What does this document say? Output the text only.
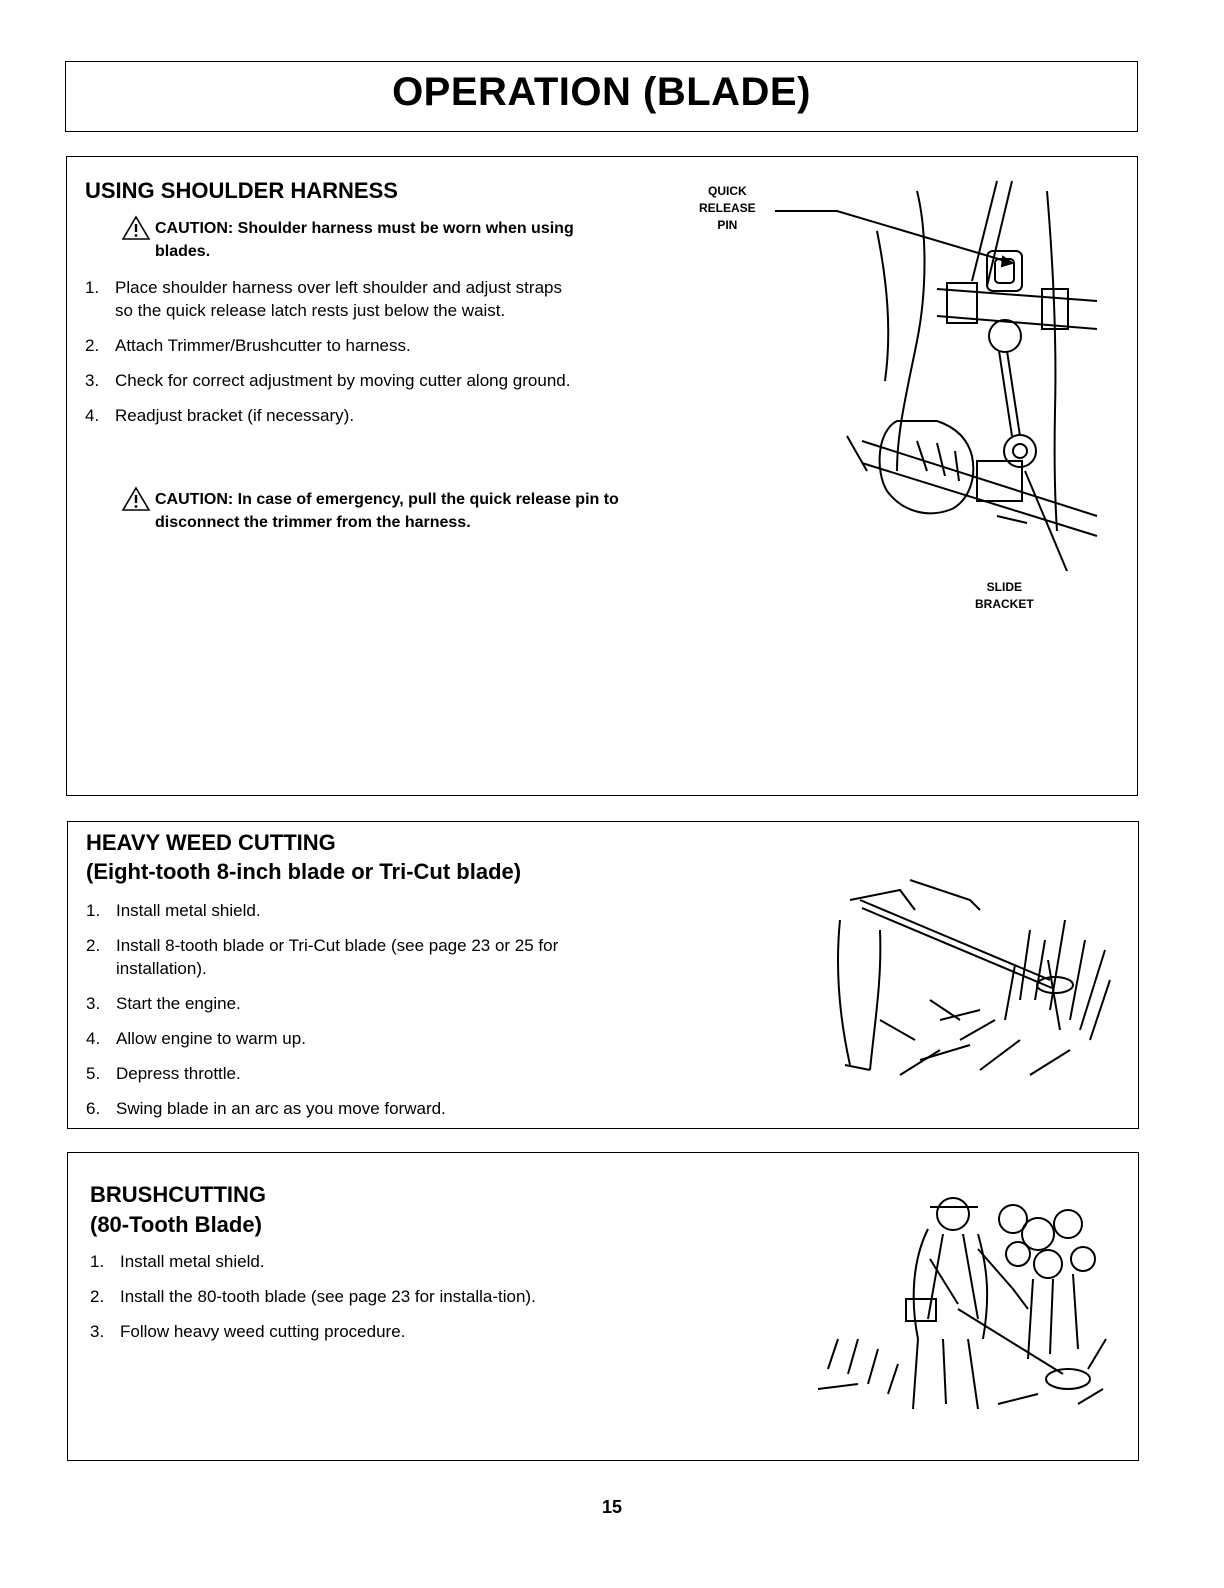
OPERATION (BLADE)
USING SHOULDER HARNESS
CAUTION: Shoulder harness must be worn when using blades.
1. Place shoulder harness over left shoulder and adjust straps so the quick release latch rests just below the waist.
2. Attach Trimmer/Brushcutter to harness.
3. Check for correct adjustment by moving cutter along ground.
4. Readjust bracket (if necessary).
CAUTION: In case of emergency, pull the quick release pin to disconnect the trimmer from the harness.
QUICK
RELEASE
PIN
SLIDE
BRACKET
HEAVY WEED CUTTING
(Eight-tooth 8-inch blade or Tri-Cut blade)
1. Install metal shield.
2. Install 8-tooth blade or Tri-Cut blade (see page 23 or 25 for installation).
3. Start the engine.
4. Allow engine to warm up.
5. Depress throttle.
6. Swing blade in an arc as you move forward.
BRUSHCUTTING
(80-Tooth Blade)
1. Install metal shield.
2. Install the 80-tooth blade (see page 23 for installa-tion).
3. Follow heavy weed cutting procedure.
15
